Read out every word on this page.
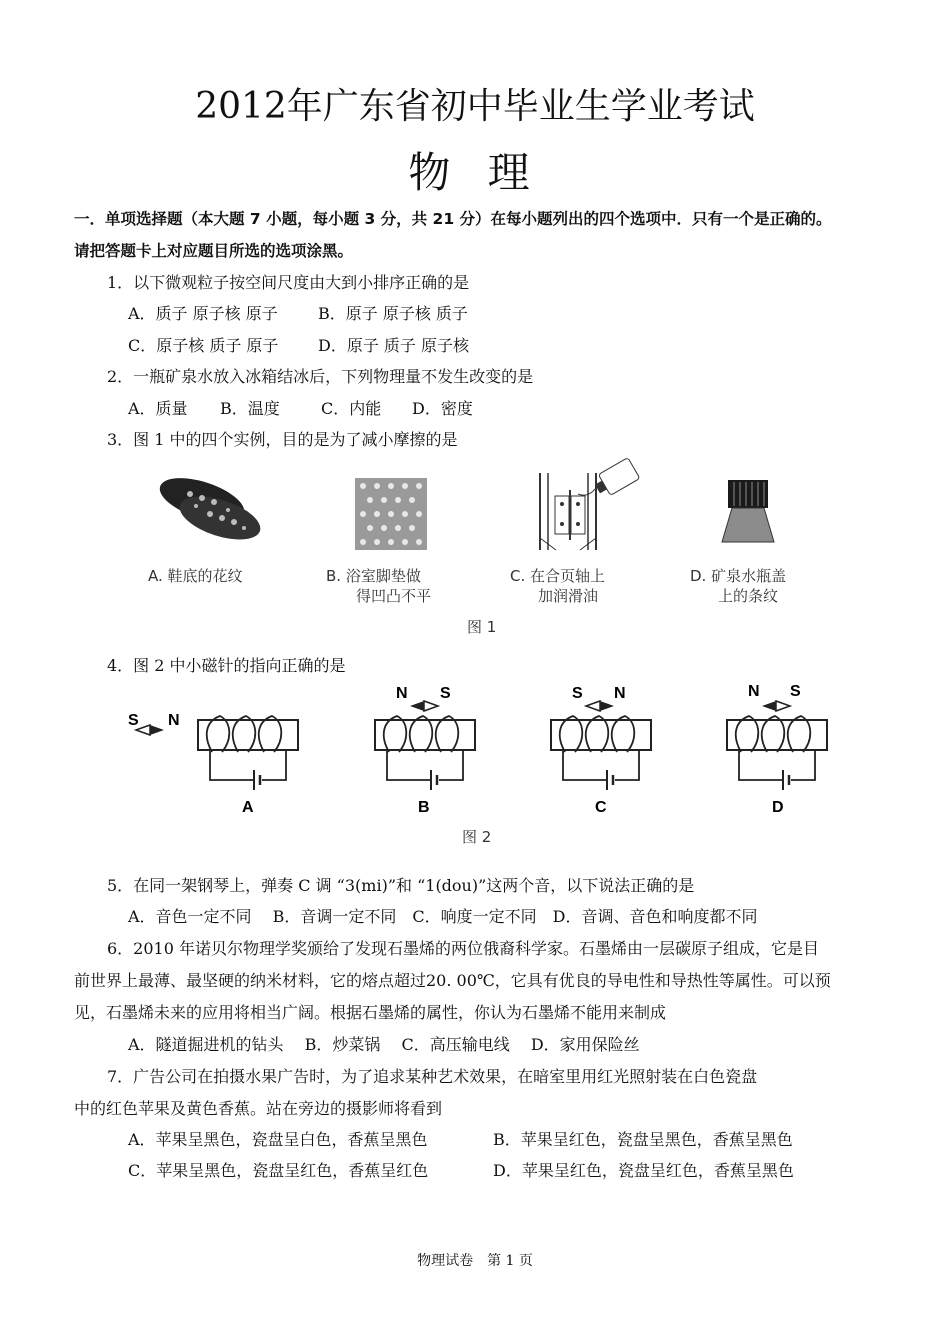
2012年广东省初中毕业生学业考试
物 理
一．单项选择题（本大题 7 小题，每小题 3 分，共 21 分）在每小题列出的四个选项中．只有一个是正确的。
请把答题卡上对应题目所选的选项涂黑。
1．以下微观粒子按空间尺度由大到小排序正确的是
A．质子 原子核 原子	B．原子 原子核 质子
C．原子核 质子 原子 D．原子 质子 原子核
2．一瓶矿泉水放入冰箱结冰后，下列物理量不发生改变的是
A．质量 B．温度	C．内能 D．密度
3．图 1 中的四个实例，目的是为了减小摩擦的是
A. 鞋底的花纹	B. 浴室脚垫做
得凹凸不平
C. 在合页轴上
加润滑油
D. 矿泉水瓶盖
上的条纹
图 1
4．图 2 中小磁针的指向正确的是
S N
A
N S
B
S N
C
N S
D
图 2
5．在同一架钢琴上，弹奏 C 调 “3(mi)”和 “1(dou)”这两个音，以下说法正确的是
A．音色一定不同　 B．音调一定不同　C．响度一定不同　D．音调、音色和响度都不同
6．2010 年诺贝尔物理学奖颁给了发现石墨烯的两位俄裔科学家。石墨烯由一层碳原子组成，它是目
前世界上最薄、最坚硬的纳米材料，它的熔点超过20. 00℃，它具有优良的导电性和导热性等属性。可以预
见，石墨烯未来的应用将相当广阔。根据石墨烯的属性，你认为石墨烯不能用来制成
A．隧道掘进机的钻头　 B．炒菜锅　 C．高压输电线　 D．家用保险丝
7．广告公司在拍摄水果广告时，为了追求某种艺术效果，在暗室里用红光照射装在白色瓷盘
中的红色苹果及黄色香蕉。站在旁边的摄影师将看到
A．苹果呈黑色，瓷盘呈白色，香蕉呈黑色	B．苹果呈红色，瓷盘呈黑色，香蕉呈黑色
C．苹果呈黑色，瓷盘呈红色，香蕉呈红色	D．苹果呈红色，瓷盘呈红色，香蕉呈黑色
物理试卷　第 1 页
